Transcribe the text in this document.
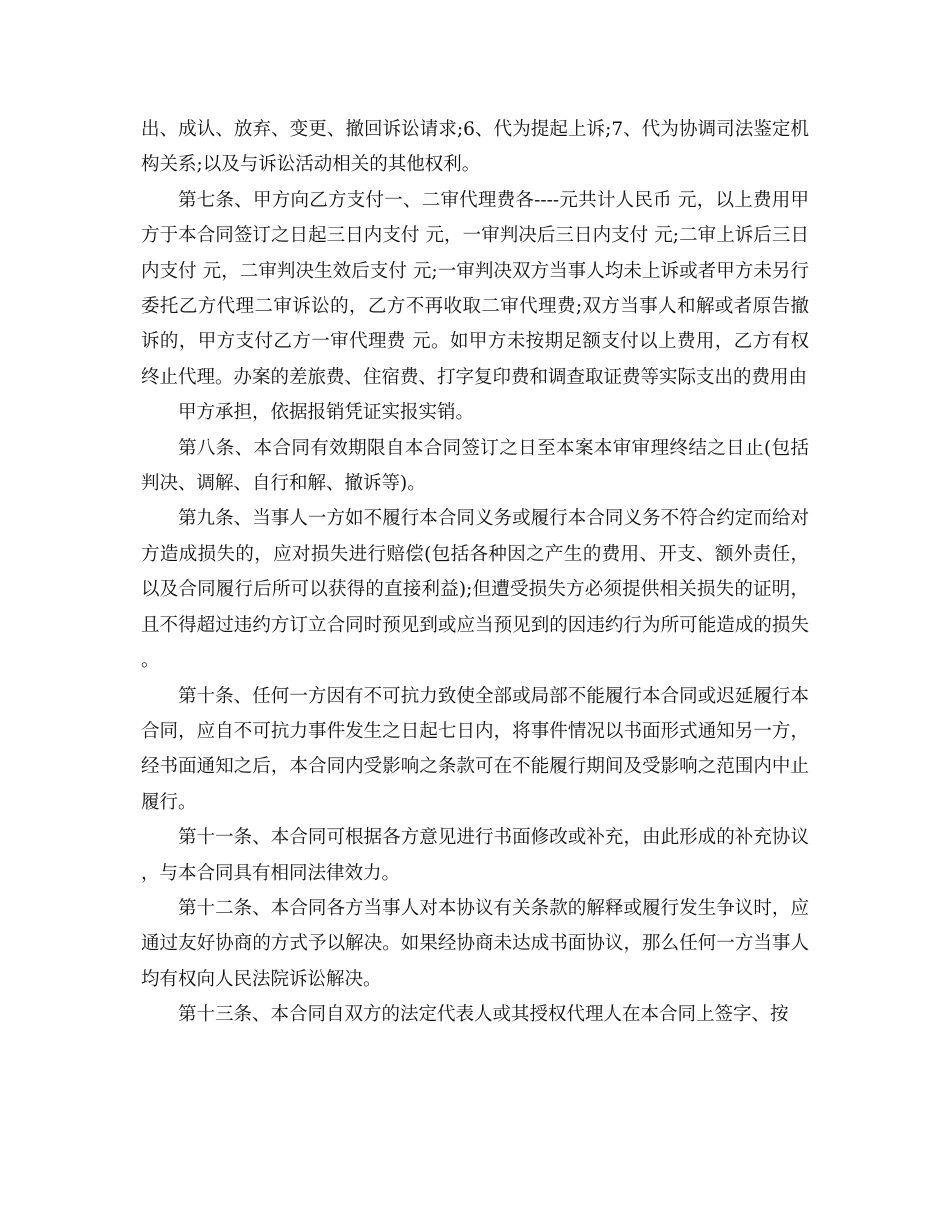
出、成认、放弃、变更、撤回诉讼请求;6、代为提起上诉;7、代为协调司法鉴定机构关系;以及与诉讼活动相关的其他权利。

第七条、甲方向乙方支付一、二审代理费各----元共计人民币 元，以上费用甲方于本合同签订之日起三日内支付 元，一审判决后三日内支付 元;二审上诉后三日内支付 元，二审判决生效后支付 元;一审判决双方当事人均未上诉或者甲方未另行委托乙方代理二审诉讼的，乙方不再收取二审代理费;双方当事人和解或者原告撤诉的，甲方支付乙方一审代理费 元。如甲方未按期足额支付以上费用，乙方有权终止代理。办案的差旅费、住宿费、打字复印费和调查取证费等实际支出的费用由

甲方承担，依据报销凭证实报实销。

第八条、本合同有效期限自本合同签订之日至本案本审审理终结之日止(包括判决、调解、自行和解、撤诉等)。

第九条、当事人一方如不履行本合同义务或履行本合同义务不符合约定而给对方造成损失的，应对损失进行赔偿(包括各种因之产生的费用、开支、额外责任，以及合同履行后所可以获得的直接利益);但遭受损失方必须提供相关损失的证明，且不得超过违约方订立合同时预见到或应当预见到的因违约行为所可能造成的损失。

第十条、任何一方因有不可抗力致使全部或局部不能履行本合同或迟延履行本合同，应自不可抗力事件发生之日起七日内，将事件情况以书面形式通知另一方，经书面通知之后，本合同内受影响之条款可在不能履行期间及受影响之范围内中止履行。

第十一条、本合同可根据各方意见进行书面修改或补充，由此形成的补充协议，与本合同具有相同法律效力。

第十二条、本合同各方当事人对本协议有关条款的解释或履行发生争议时，应通过友好协商的方式予以解决。如果经协商未达成书面协议，那么任何一方当事人均有权向人民法院诉讼解决。

第十三条、本合同自双方的法定代表人或其授权代理人在本合同上签字、按
